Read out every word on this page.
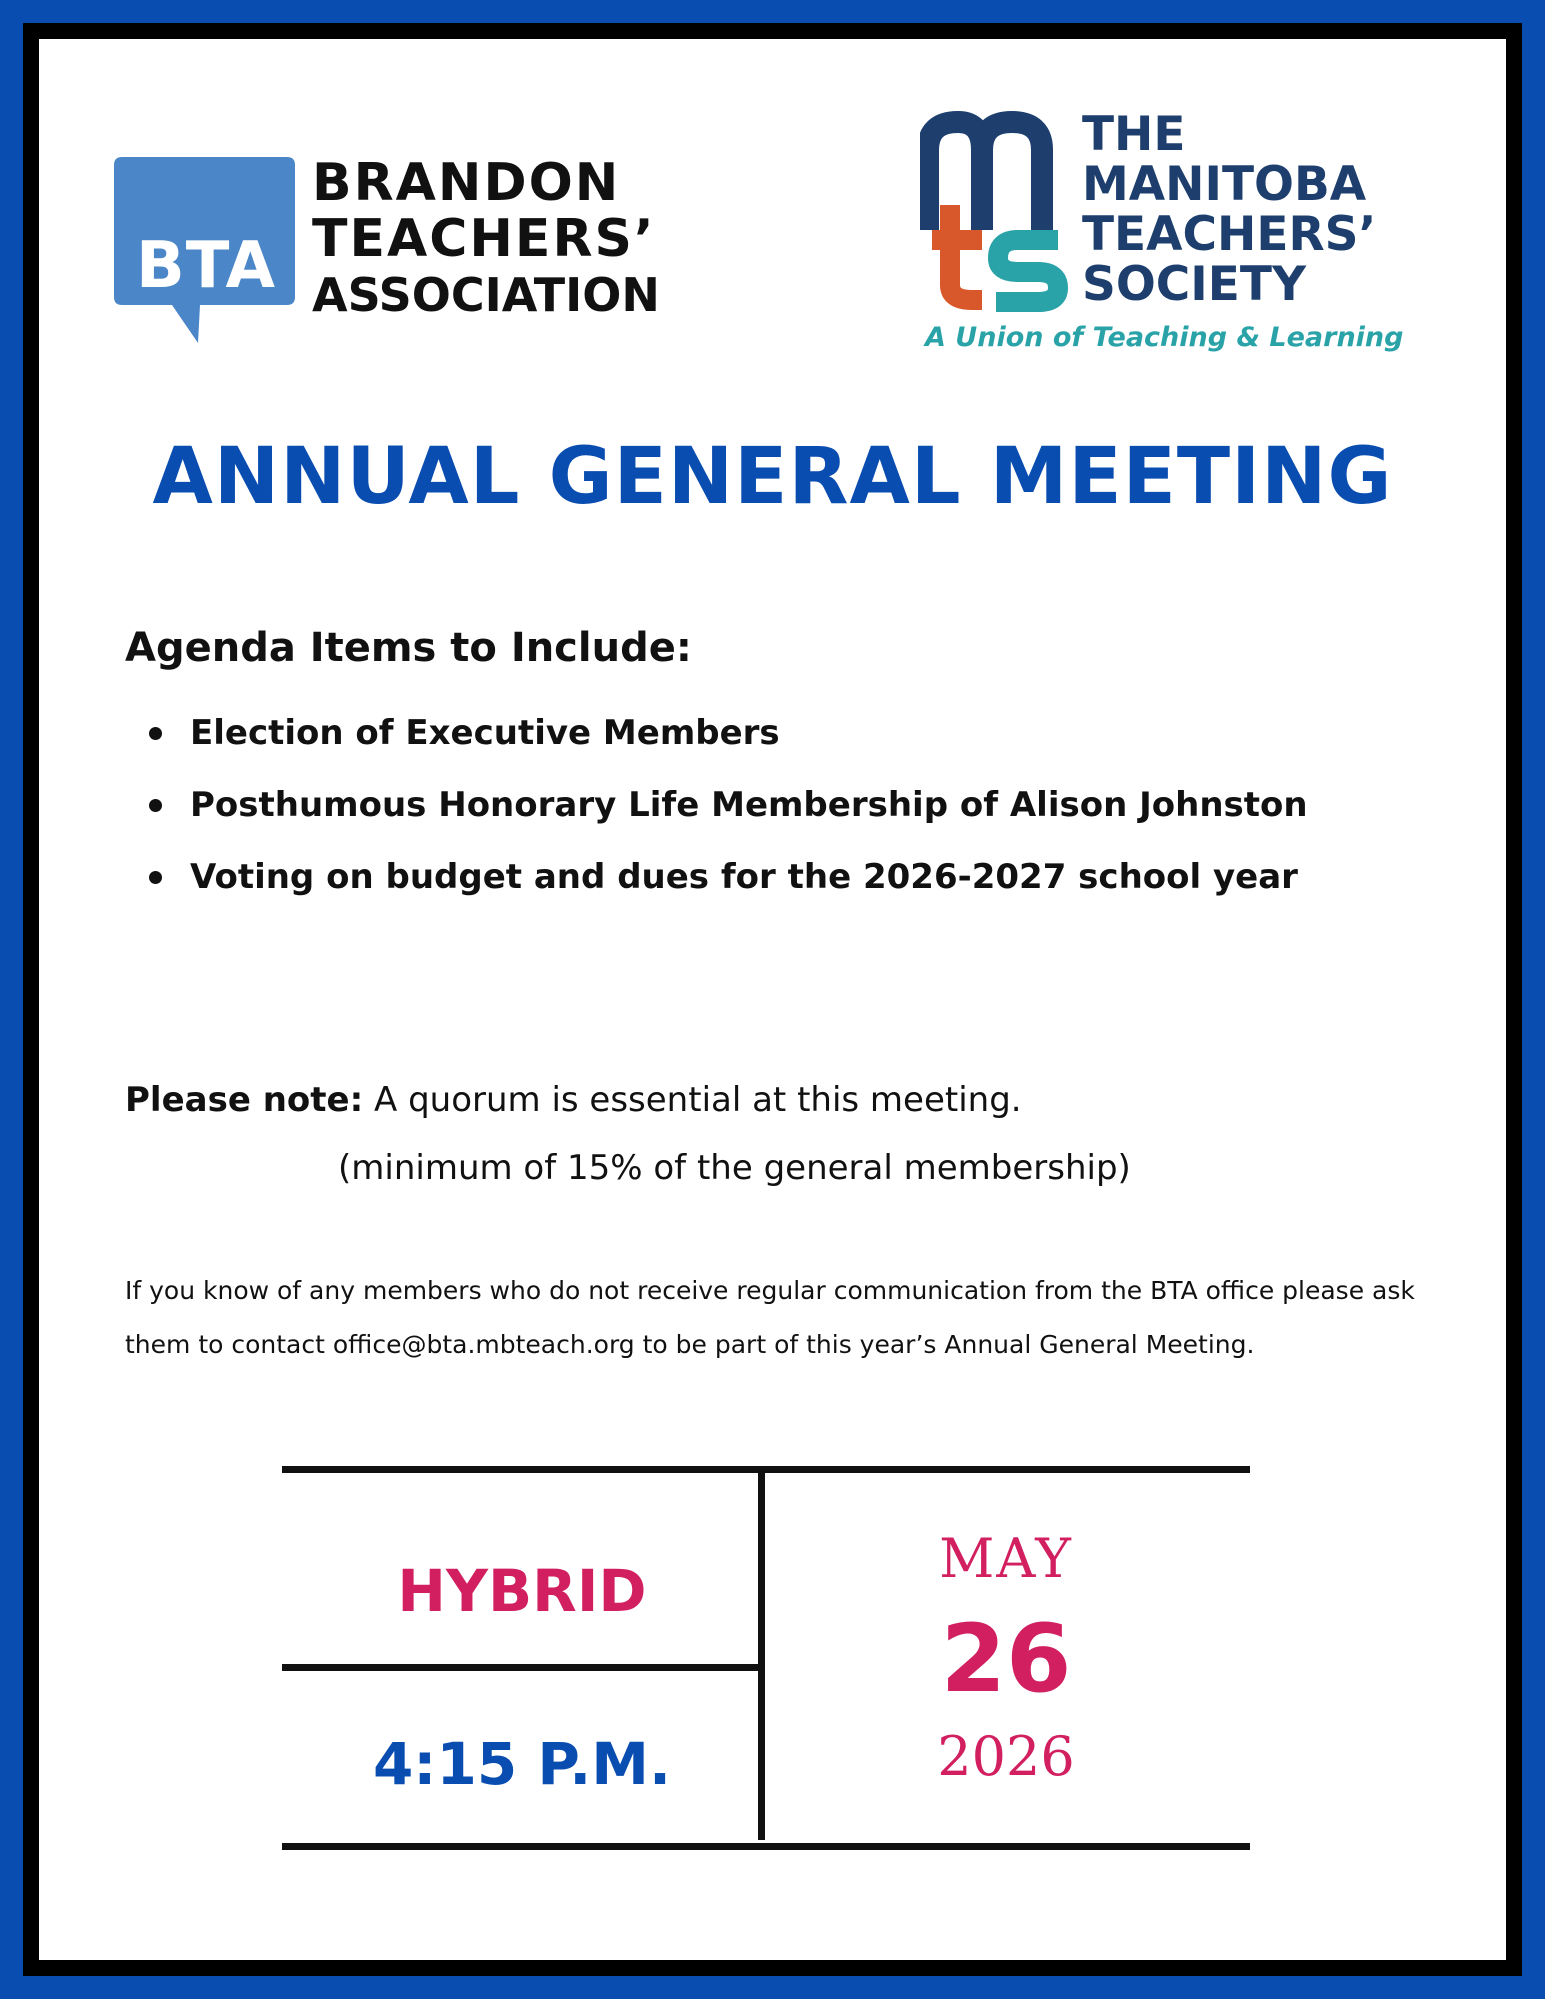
BTA
BRANDON
TEACHERS’
ASSOCIATION
THE
MANITOBA
TEACHERS’
SOCIETY
A Union of Teaching & Learning
ANNUAL GENERAL MEETING
Agenda Items to Include:
Election of Executive Members
Posthumous Honorary Life Membership of Alison Johnston
Voting on budget and dues for the 2026-2027 school year
Please note: A quorum is essential at this meeting.
(minimum of 15% of the general membership)
If you know of any members who do not receive regular communication from the BTA office please ask
them to contact office@bta.mbteach.org to be part of this year’s Annual General Meeting.
HYBRID
4:15 P.M.
MAY
26
2026
